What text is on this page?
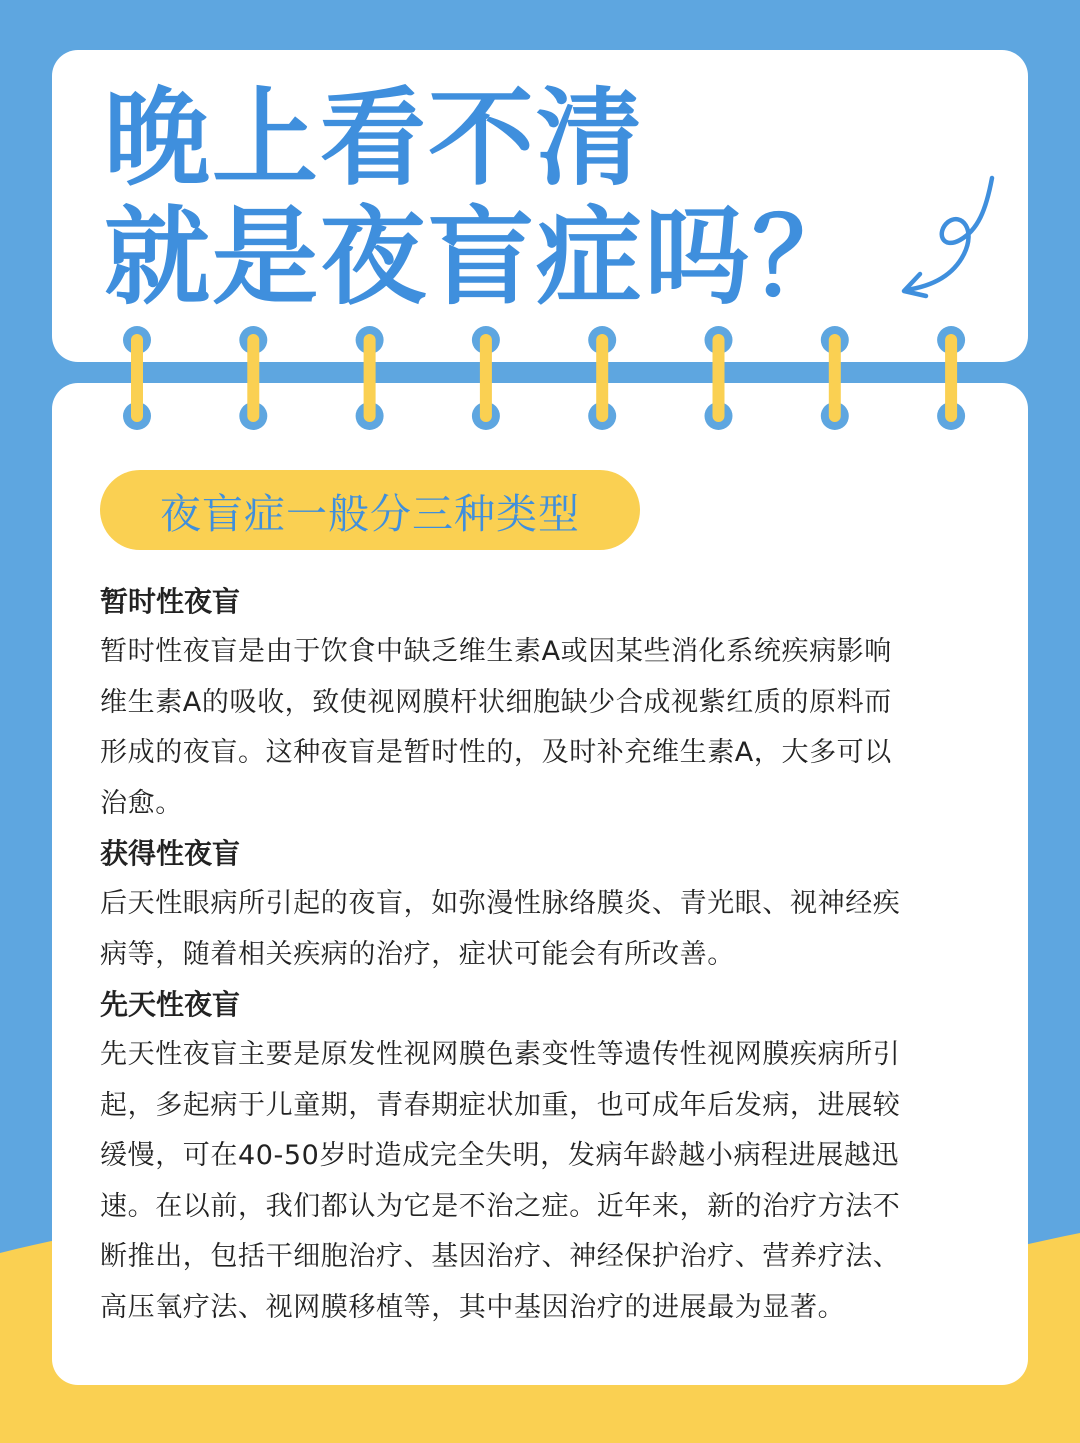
晚上看不清
就是夜盲症吗？
夜盲症一般分三种类型

暂时性夜盲

暂时性夜盲是由于饮食中缺乏维生素A或因某些消化系统疾病影响

维生素A的吸收，致使视网膜杆状细胞缺少合成视紫红质的原料而

形成的夜盲。这种夜盲是暂时性的，及时补充维生素A，大多可以

治愈。

获得性夜盲

后天性眼病所引起的夜盲，如弥漫性脉络膜炎、青光眼、视神经疾

病等，随着相关疾病的治疗，症状可能会有所改善。

先天性夜盲

先天性夜盲主要是原发性视网膜色素变性等遗传性视网膜疾病所引

起，多起病于儿童期，青春期症状加重，也可成年后发病，进展较

缓慢，可在40-50岁时造成完全失明，发病年龄越小病程进展越迅

速。在以前，我们都认为它是不治之症。近年来，新的治疗方法不

断推出，包括干细胞治疗、基因治疗、神经保护治疗、营养疗法、

高压氧疗法、视网膜移植等，其中基因治疗的进展最为显著。
